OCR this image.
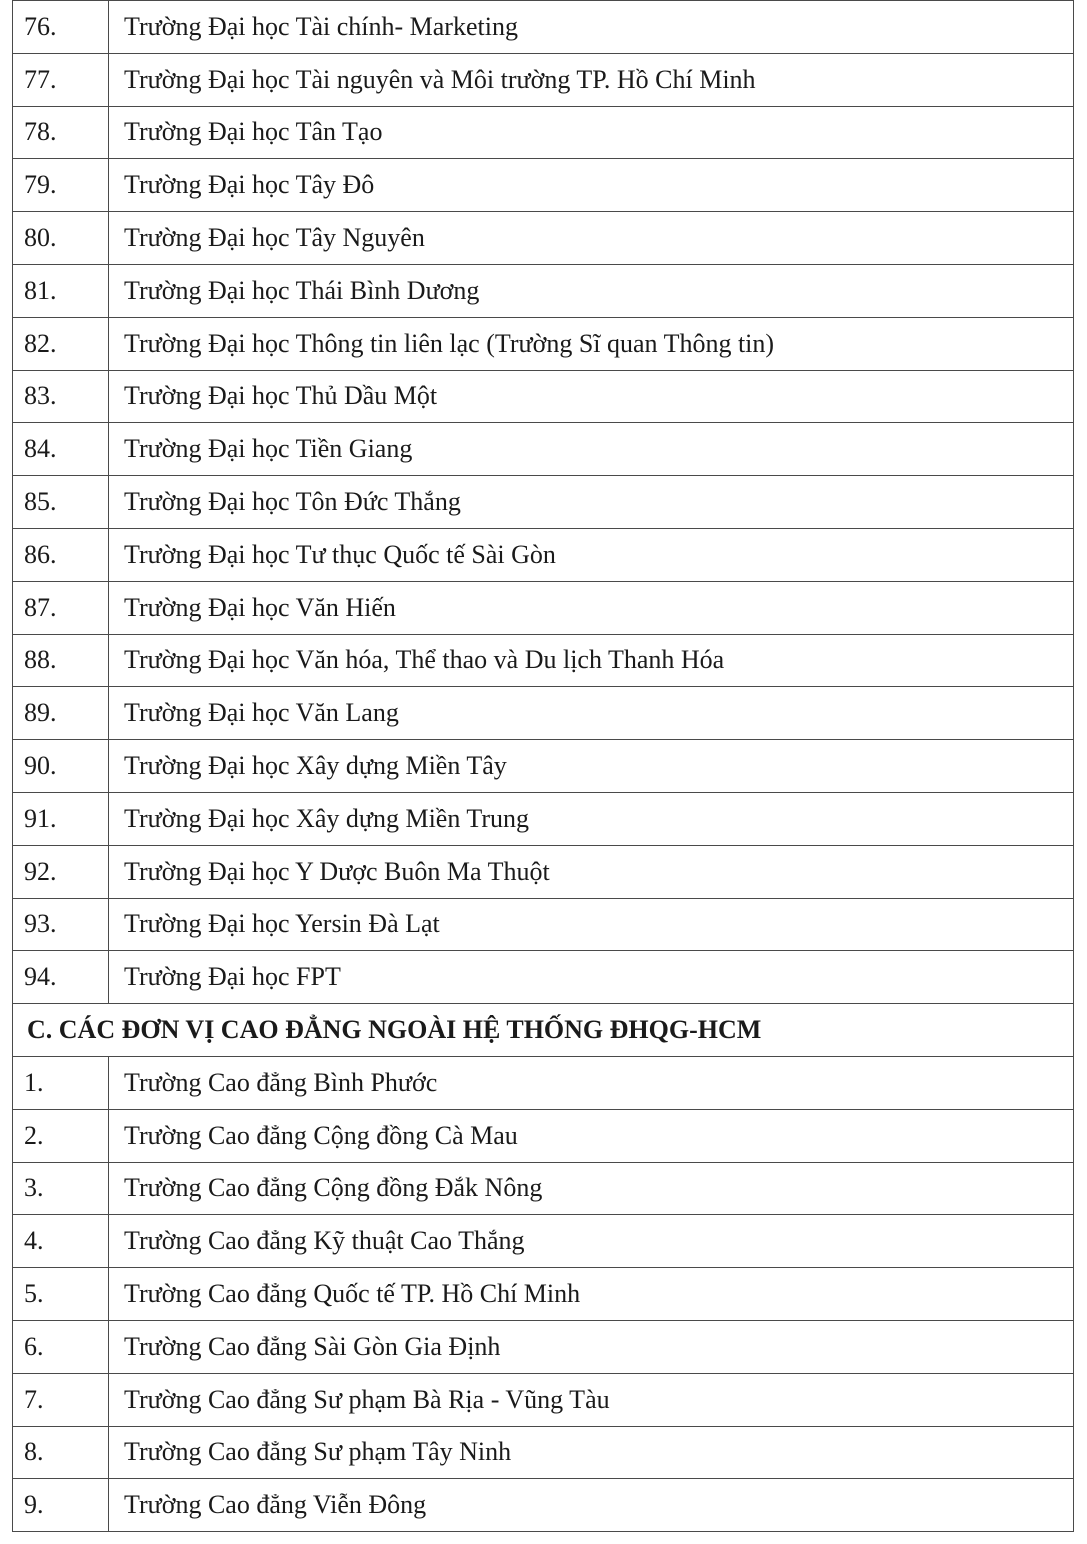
76.	Trường Đại học Tài chính- Marketing
77.	Trường Đại học Tài nguyên và Môi trường TP. Hồ Chí Minh
78.	Trường Đại học Tân Tạo
79.	Trường Đại học Tây Đô
80.	Trường Đại học Tây Nguyên
81.	Trường Đại học Thái Bình Dương
82.	Trường Đại học Thông tin liên lạc (Trường Sĩ quan Thông tin)
83.	Trường Đại học Thủ Dầu Một
84.	Trường Đại học Tiền Giang
85.	Trường Đại học Tôn Đức Thắng
86.	Trường Đại học Tư thục Quốc tế Sài Gòn
87.	Trường Đại học Văn Hiến
88.	Trường Đại học Văn hóa, Thể thao và Du lịch Thanh Hóa
89.	Trường Đại học Văn Lang
90.	Trường Đại học Xây dựng Miền Tây
91.	Trường Đại học Xây dựng Miền Trung
92.	Trường Đại học Y Dược Buôn Ma Thuột
93.	Trường Đại học Yersin Đà Lạt
94.	Trường Đại học FPT
C. CÁC ĐƠN VỊ CAO ĐẲNG NGOÀI HỆ THỐNG ĐHQG-HCM	
1.	Trường Cao đẳng Bình Phước
2.	Trường Cao đẳng Cộng đồng Cà Mau
3.	Trường Cao đẳng Cộng đồng Đắk Nông
4.	Trường Cao đẳng Kỹ thuật Cao Thắng
5.	Trường Cao đẳng Quốc tế TP. Hồ Chí Minh
6.	Trường Cao đẳng Sài Gòn Gia Định
7.	Trường Cao đẳng Sư phạm Bà Rịa - Vũng Tàu
8.	Trường Cao đẳng Sư phạm Tây Ninh
9.	Trường Cao đẳng Viễn Đông
